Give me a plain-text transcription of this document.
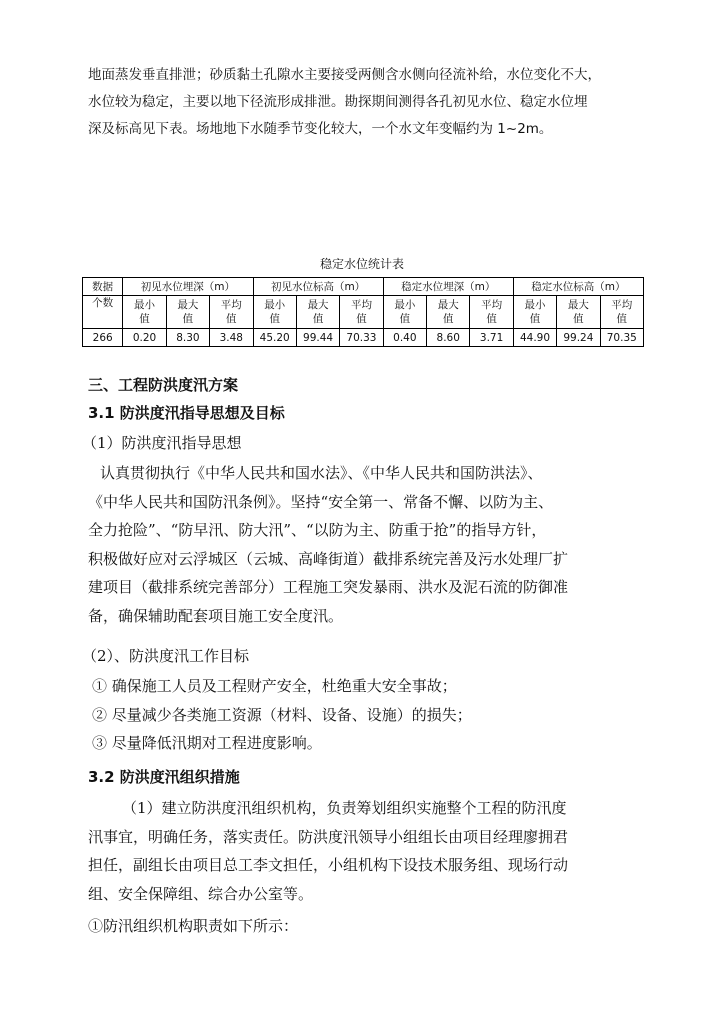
地面蒸发垂直排泄；砂质黏土孔隙水主要接受两侧含水侧向径流补给，水位变化不大，
水位较为稳定，主要以地下径流形成排泄。勘探期间测得各孔初见水位、稳定水位埋
深及标高见下表。场地地下水随季节变化较大，一个水文年变幅约为 1~2m。
稳定水位统计表
数据	初见水位埋深（m）			初见水位标高（m）			稳定水位埋深（m）			稳定水位标高（m）		
个数	最小	最大	平均	最小	最大	平均	最小	最大	平均	最小	最大	平均
	值	值	值	值	值	值	值	值	值	值	值	值
266	0.20	8.30	3.48	45.20	99.44	70.33	0.40	8.60	3.71	44.90	99.24	70.35
三、工程防洪度汛方案
3.1 防洪度汛指导思想及目标
（1）防洪度汛指导思想
认真贯彻执行《中华人民共和国水法》、《中华人民共和国防洪法》、
《中华人民共和国防汛条例》。坚持“安全第一、常备不懈、以防为主、
全力抢险”、“防早汛、防大汛”、“以防为主、防重于抢”的指导方针，
积极做好应对云浮城区（云城、高峰街道）截排系统完善及污水处理厂扩
建项目（截排系统完善部分）工程施工突发暴雨、洪水及泥石流的防御准
备，确保辅助配套项目施工安全度汛。
（2）、防洪度汛工作目标
① 确保施工人员及工程财产安全，杜绝重大安全事故；
② 尽量减少各类施工资源（材料、设备、设施）的损失；
③ 尽量降低汛期对工程进度影响。
3.2 防洪度汛组织措施
（1）建立防洪度汛组织机构，负责筹划组织实施整个工程的防汛度
汛事宜，明确任务，落实责任。防洪度汛领导小组组长由项目经理廖拥君
担任，副组长由项目总工李文担任，小组机构下设技术服务组、现场行动
组、安全保障组、综合办公室等。
①防汛组织机构职责如下所示：
